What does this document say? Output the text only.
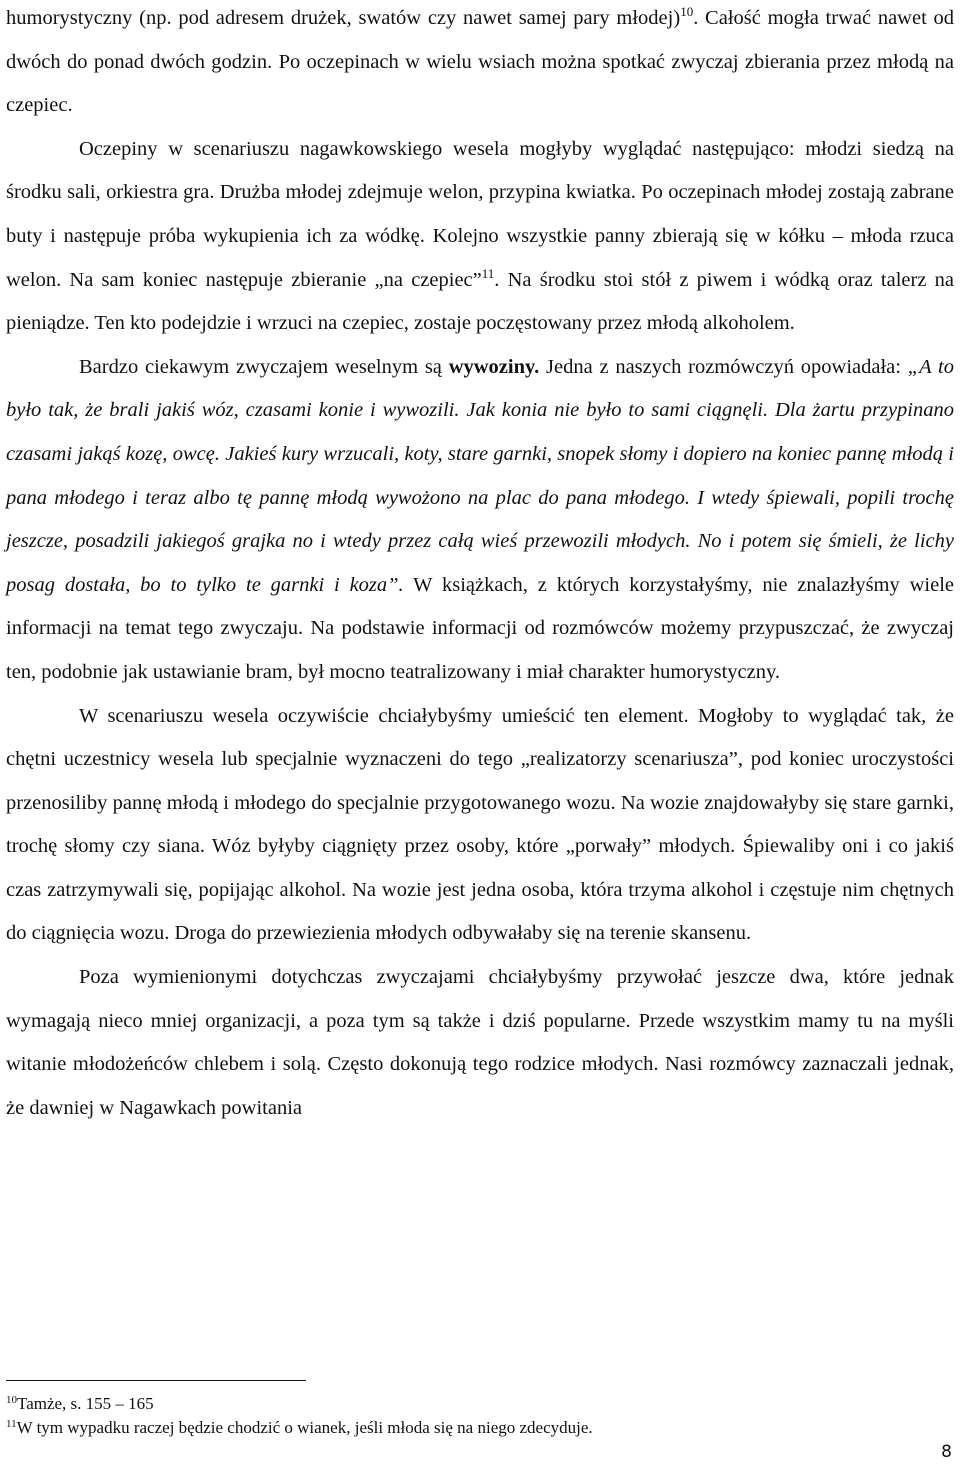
humorystyczny (np. pod adresem drużek, swatów czy nawet samej pary młodej)$^{10}$. Całość mogła trwać nawet od dwóch do ponad dwóch godzin. Po oczepinach w wielu wsiach można spotkać zwyczaj zbierania przez młodą na czepiec.

Oczepiny w scenariuszu nagawkowskiego wesela mogłyby wyglądać następująco: młodzi siedzą na środku sali, orkiestra gra. Drużba młodej zdejmuje welon, przypina kwiatka. Po oczepinach młodej zostają zabrane buty i następuje próba wykupienia ich za wódkę. Kolejno wszystkie panny zbierają się w kółku – młoda rzuca welon. Na sam koniec następuje zbieranie „na czepiec”$^{11}$. Na środku stoi stół z piwem i wódką oraz talerz na pieniądze. Ten kto podejdzie i wrzuci na czepiec, zostaje poczęstowany przez młodą alkoholem.

Bardzo ciekawym zwyczajem weselnym są wywoziny. Jedna z naszych rozmówczyń opowiadała: „A to było tak, że brali jakiś wóz, czasami konie i wywozili. Jak konia nie było to sami ciągnęli. Dla żartu przypinano czasami jakąś kozę, owcę. Jakieś kury wrzucali, koty, stare garnki, snopek słomy i dopiero na koniec pannę młodą i pana młodego i teraz albo tę pannę młodą wywożono na plac do pana młodego. I wtedy śpiewali, popili trochę jeszcze, posadzili jakiegoś grajka no i wtedy przez całą wieś przewozili młodych. No i potem się śmieli, że lichy posag dostała, bo to tylko te garnki i koza”. W książkach, z których korzystałyśmy, nie znalazłyśmy wiele informacji na temat tego zwyczaju. Na podstawie informacji od rozmówców możemy przypuszczać, że zwyczaj ten, podobnie jak ustawianie bram, był mocno teatralizowany i miał charakter humorystyczny.

W scenariuszu wesela oczywiście chciałybyśmy umieścić ten element. Mogłoby to wyglądać tak, że chętni uczestnicy wesela lub specjalnie wyznaczeni do tego „realizatorzy scenariusza”, pod koniec uroczystości przenosiliby pannę młodą i młodego do specjalnie przygotowanego wozu. Na wozie znajdowałyby się stare garnki, trochę słomy czy siana. Wóz byłyby ciągnięty przez osoby, które „porwały” młodych. Śpiewaliby oni i co jakiś czas zatrzymywali się, popijając alkohol. Na wozie jest jedna osoba, która trzyma alkohol i częstuje nim chętnych do ciągnięcia wozu. Droga do przewiezienia młodych odbywałaby się na terenie skansenu.

Poza wymienionymi dotychczas zwyczajami chciałybyśmy przywołać jeszcze dwa, które jednak wymagają nieco mniej organizacji, a poza tym są także i dziś popularne. Przede wszystkim mamy tu na myśli witanie młodożeńców chlebem i solą. Często dokonują tego rodzice młodych. Nasi rozmówcy zaznaczali jednak, że dawniej w Nagawkach powitania

$^{10}$Tamże, s. 155 – 165
$^{11}$W tym wypadku raczej będzie chodzić o wianek, jeśli młoda się na niego zdecyduje.
8
